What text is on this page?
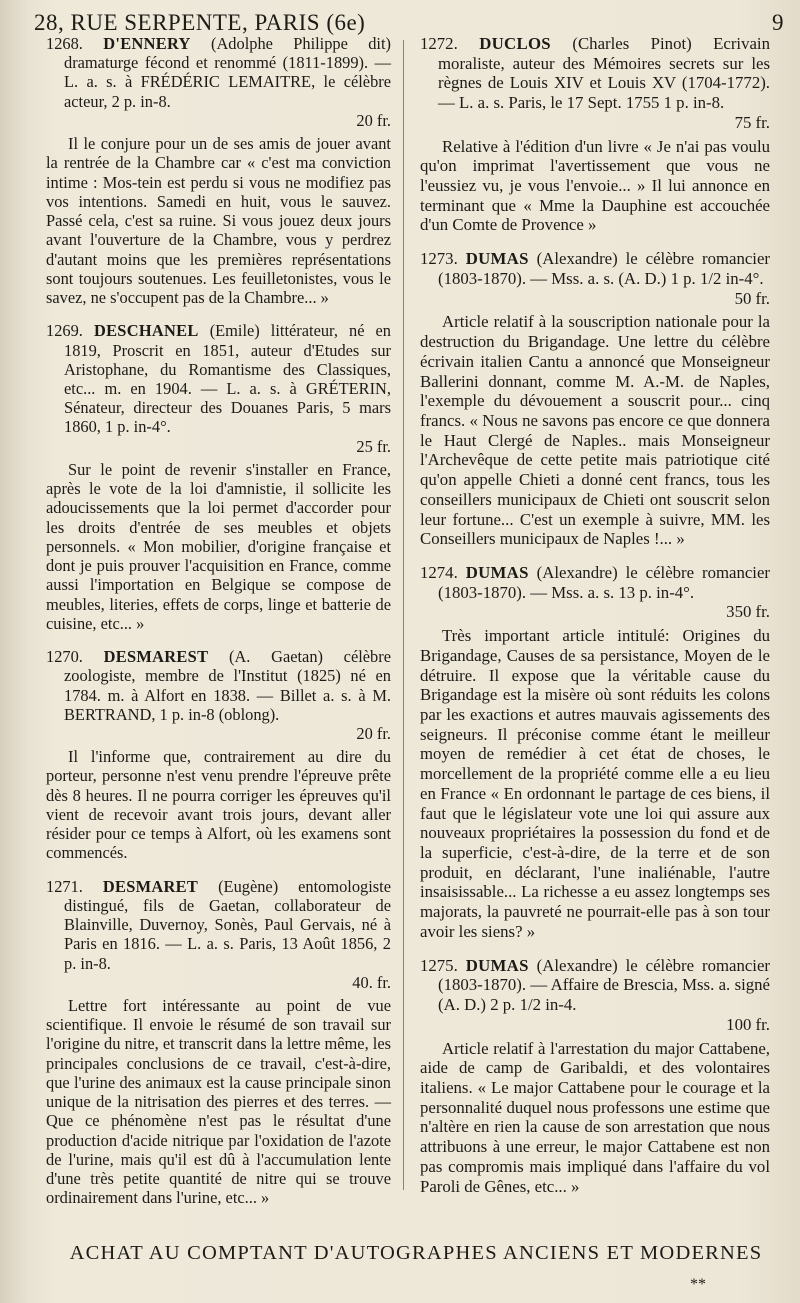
28, RUE SERPENTE, PARIS (6e)	9
1268. D'ENNERY (Adolphe Philippe dit) dramaturge fécond et renommé (1811-1899). — L. a. s. à FRÉDÉRIC LEMAITRE, le célèbre acteur, 2 p. in-8.
20 fr.
Il le conjure pour un de ses amis de jouer avant la rentrée de la Chambre car « c'est ma conviction intime : Mos-tein est perdu si vous ne modifiez pas vos intentions. Samedi en huit, vous le sauvez. Passé cela, c'est sa ruine. Si vous jouez deux jours avant l'ouverture de la Chambre, vous y perdrez d'autant moins que les premières représentations sont toujours soutenues. Les feuilletonistes, vous le savez, ne s'occupent pas de la Chambre... »
1269. DESCHANEL (Emile) littérateur, né en 1819, Proscrit en 1851, auteur d'Etudes sur Aristophane, du Romantisme des Classiques, etc... m. en 1904. — L. a. s. à GRÉTERIN, Sénateur, directeur des Douanes Paris, 5 mars 1860, 1 p. in-4°.
25 fr.
Sur le point de revenir s'installer en France, après le vote de la loi d'amnistie, il sollicite les adoucissements que la loi permet d'accorder pour les droits d'entrée de ses meubles et objets personnels. « Mon mobilier, d'origine française et dont je puis prouver l'acquisition en France, comme aussi l'importation en Belgique se compose de meubles, literies, effets de corps, linge et batterie de cuisine, etc... »
1270. DESMAREST (A. Gaetan) célèbre zoologiste, membre de l'Institut (1825) né en 1784. m. à Alfort en 1838. — Billet a. s. à M. BERTRAND, 1 p. in-8 (oblong).
20 fr.
Il l'informe que, contrairement au dire du porteur, personne n'est venu prendre l'épreuve prête dès 8 heures. Il ne pourra corriger les épreuves qu'il vient de recevoir avant trois jours, devant aller résider pour ce temps à Alfort, où les examens sont commencés.
1271. DESMARET (Eugène) entomologiste distingué, fils de Gaetan, collaborateur de Blainville, Duvernoy, Sonès, Paul Gervais, né à Paris en 1816. — L. a. s. Paris, 13 Août 1856, 2 p. in-8.
40. fr.
Lettre fort intéressante au point de vue scientifique. Il envoie le résumé de son travail sur l'origine du nitre, et transcrit dans la lettre même, les principales conclusions de ce travail, c'est-à-dire, que l'urine des animaux est la cause principale sinon unique de la nitrisation des pierres et des terres. — Que ce phénomène n'est pas le résultat d'une production d'acide nitrique par l'oxidation de l'azote de l'urine, mais qu'il est dû à l'accumulation lente d'une très petite quantité de nitre qui se trouve ordinairement dans l'urine, etc... »
1272. DUCLOS (Charles Pinot) Ecrivain moraliste, auteur des Mémoires secrets sur les règnes de Louis XIV et Louis XV (1704-1772). — L. a. s. Paris, le 17 Sept. 1755 1 p. in-8.
75 fr.
Relative à l'édition d'un livre « Je n'ai pas voulu qu'on imprimat l'avertissement que vous ne l'eussiez vu, je vous l'envoie... » Il lui annonce en terminant que « Mme la Dauphine est accouchée d'un Comte de Provence »
1273. DUMAS (Alexandre) le célèbre romancier (1803-1870). — Mss. a. s. (A. D.) 1 p. 1/2 in-4°.
50 fr.
Article relatif à la souscription nationale pour la destruction du Brigandage. Une lettre du célèbre écrivain italien Cantu a annoncé que Monseigneur Ballerini donnant, comme M. A.-M. de Naples, l'exemple du dévouement a souscrit pour... cinq francs. « Nous ne savons pas encore ce que donnera le Haut Clergé de Naples.. mais Monseigneur l'Archevêque de cette petite mais patriotique cité qu'on appelle Chieti a donné cent francs, tous les conseillers municipaux de Chieti ont souscrit selon leur fortune... C'est un exemple à suivre, MM. les Conseillers municipaux de Naples !... »
1274. DUMAS (Alexandre) le célèbre romancier (1803-1870). — Mss. a. s. 13 p. in-4°.
350 fr.
Très important article intitulé: Origines du Brigandage, Causes de sa persistance, Moyen de le détruire. Il expose que la véritable cause du Brigandage est la misère où sont réduits les colons par les exactions et autres mauvais agissements des seigneurs. Il préconise comme étant le meilleur moyen de remédier à cet état de choses, le morcellement de la propriété comme elle a eu lieu en France « En ordonnant le partage de ces biens, il faut que le législateur vote une loi qui assure aux nouveaux propriétaires la possession du fond et de la superficie, c'est-à-dire, de la terre et de son produit, en déclarant, l'une inaliénable, l'autre insaisissable... La richesse a eu assez longtemps ses majorats, la pauvreté ne pourrait-elle pas à son tour avoir les siens? »
1275. DUMAS (Alexandre) le célèbre romancier (1803-1870). — Affaire de Brescia, Mss. a. signé (A. D.) 2 p. 1/2 in-4.
100 fr.
Article relatif à l'arrestation du major Cattabene, aide de camp de Garibaldi, et des volontaires italiens. « Le major Cattabene pour le courage et la personnalité duquel nous professons une estime que n'altère en rien la cause de son arrestation que nous attribuons à une erreur, le major Cattabene est non pas compromis mais impliqué dans l'affaire du vol Paroli de Gênes, etc... »
ACHAT AU COMPTANT D'AUTOGRAPHES ANCIENS ET MODERNES
**
